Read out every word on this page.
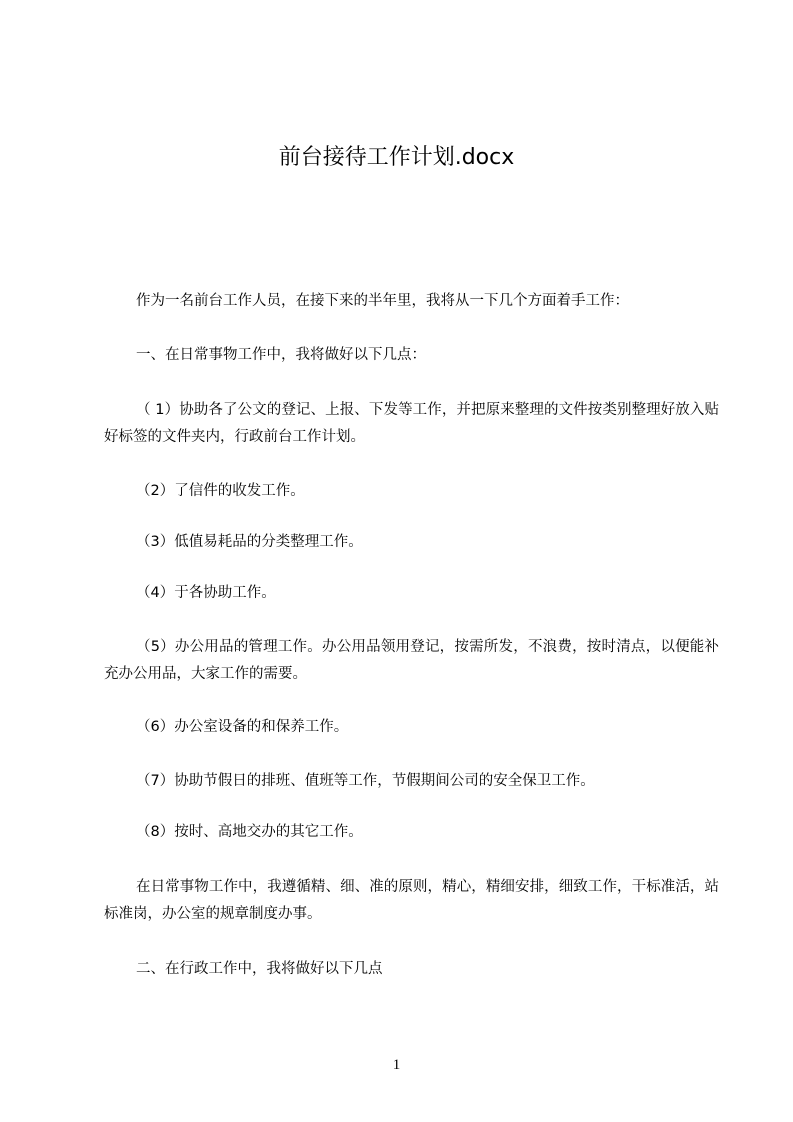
前台接待工作计划.docx
作为一名前台工作人员，在接下来的半年里，我将从一下几个方面着手工作：
一、在日常事物工作中，我将做好以下几点：
（ 1）协助各了公文的登记、上报、下发等工作，并把原来整理的文件按类别整理好放入贴好标签的文件夹内，行政前台工作计划。
（2）了信件的收发工作。
（3）低值易耗品的分类整理工作。
（4）于各协助工作。
（5）办公用品的管理工作。办公用品领用登记，按需所发，不浪费，按时清点，以便能补充办公用品，大家工作的需要。
（6）办公室设备的和保养工作。
（7）协助节假日的排班、值班等工作，节假期间公司的安全保卫工作。
（8）按时、高地交办的其它工作。
在日常事物工作中，我遵循精、细、准的原则，精心，精细安排，细致工作，干标准活，站标准岗，办公室的规章制度办事。
二、在行政工作中，我将做好以下几点
1
